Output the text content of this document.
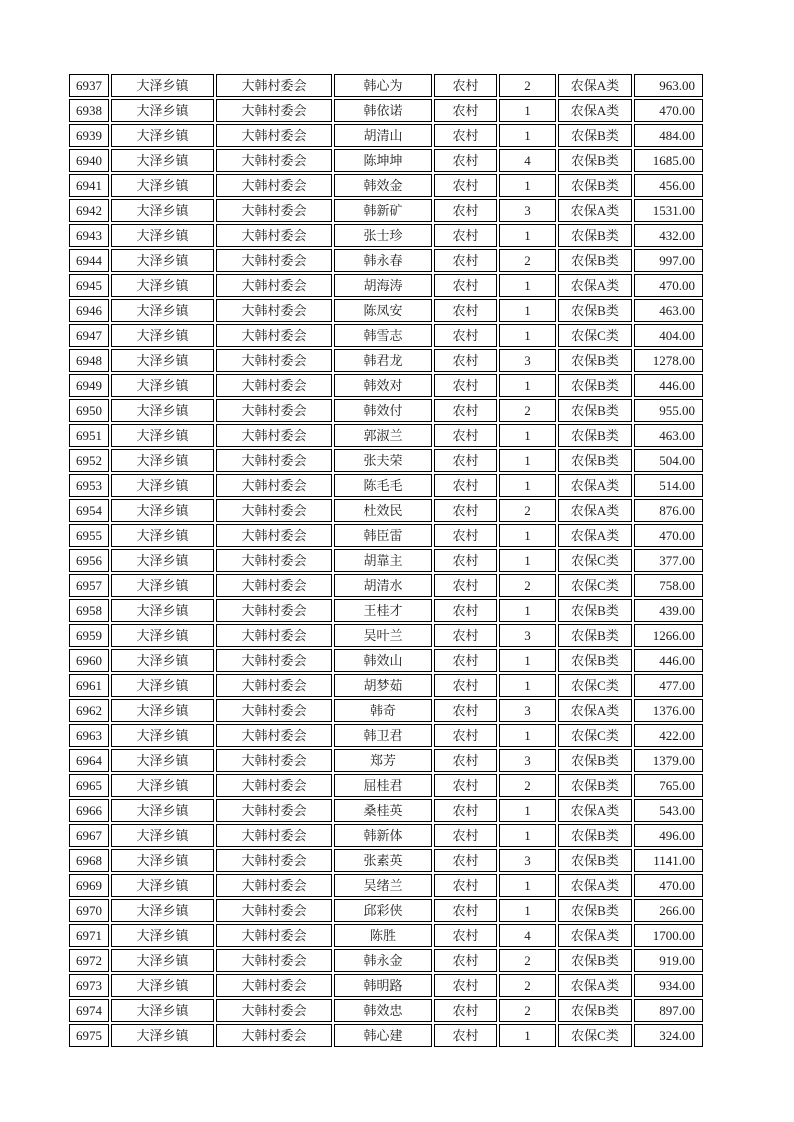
6937	大泽乡镇	大韩村委会	韩心为	农村	2	农保A类	963.00
6938	大泽乡镇	大韩村委会	韩依诺	农村	1	农保A类	470.00
6939	大泽乡镇	大韩村委会	胡清山	农村	1	农保B类	484.00
6940	大泽乡镇	大韩村委会	陈坤坤	农村	4	农保B类	1685.00
6941	大泽乡镇	大韩村委会	韩效金	农村	1	农保B类	456.00
6942	大泽乡镇	大韩村委会	韩新矿	农村	3	农保A类	1531.00
6943	大泽乡镇	大韩村委会	张士珍	农村	1	农保B类	432.00
6944	大泽乡镇	大韩村委会	韩永春	农村	2	农保B类	997.00
6945	大泽乡镇	大韩村委会	胡海涛	农村	1	农保A类	470.00
6946	大泽乡镇	大韩村委会	陈凤安	农村	1	农保B类	463.00
6947	大泽乡镇	大韩村委会	韩雪志	农村	1	农保C类	404.00
6948	大泽乡镇	大韩村委会	韩君龙	农村	3	农保B类	1278.00
6949	大泽乡镇	大韩村委会	韩效对	农村	1	农保B类	446.00
6950	大泽乡镇	大韩村委会	韩效付	农村	2	农保B类	955.00
6951	大泽乡镇	大韩村委会	郭淑兰	农村	1	农保B类	463.00
6952	大泽乡镇	大韩村委会	张夫荣	农村	1	农保B类	504.00
6953	大泽乡镇	大韩村委会	陈毛毛	农村	1	农保A类	514.00
6954	大泽乡镇	大韩村委会	杜效民	农村	2	农保A类	876.00
6955	大泽乡镇	大韩村委会	韩臣雷	农村	1	农保A类	470.00
6956	大泽乡镇	大韩村委会	胡靠主	农村	1	农保C类	377.00
6957	大泽乡镇	大韩村委会	胡清水	农村	2	农保C类	758.00
6958	大泽乡镇	大韩村委会	王桂才	农村	1	农保B类	439.00
6959	大泽乡镇	大韩村委会	吴叶兰	农村	3	农保B类	1266.00
6960	大泽乡镇	大韩村委会	韩效山	农村	1	农保B类	446.00
6961	大泽乡镇	大韩村委会	胡梦茹	农村	1	农保C类	477.00
6962	大泽乡镇	大韩村委会	韩奇	农村	3	农保A类	1376.00
6963	大泽乡镇	大韩村委会	韩卫君	农村	1	农保C类	422.00
6964	大泽乡镇	大韩村委会	郑芳	农村	3	农保B类	1379.00
6965	大泽乡镇	大韩村委会	屈桂君	农村	2	农保B类	765.00
6966	大泽乡镇	大韩村委会	桑桂英	农村	1	农保A类	543.00
6967	大泽乡镇	大韩村委会	韩新体	农村	1	农保B类	496.00
6968	大泽乡镇	大韩村委会	张素英	农村	3	农保B类	1141.00
6969	大泽乡镇	大韩村委会	吴绪兰	农村	1	农保A类	470.00
6970	大泽乡镇	大韩村委会	邱彩侠	农村	1	农保B类	266.00
6971	大泽乡镇	大韩村委会	陈胜	农村	4	农保A类	1700.00
6972	大泽乡镇	大韩村委会	韩永金	农村	2	农保B类	919.00
6973	大泽乡镇	大韩村委会	韩明路	农村	2	农保A类	934.00
6974	大泽乡镇	大韩村委会	韩效忠	农村	2	农保B类	897.00
6975	大泽乡镇	大韩村委会	韩心建	农村	1	农保C类	324.00
